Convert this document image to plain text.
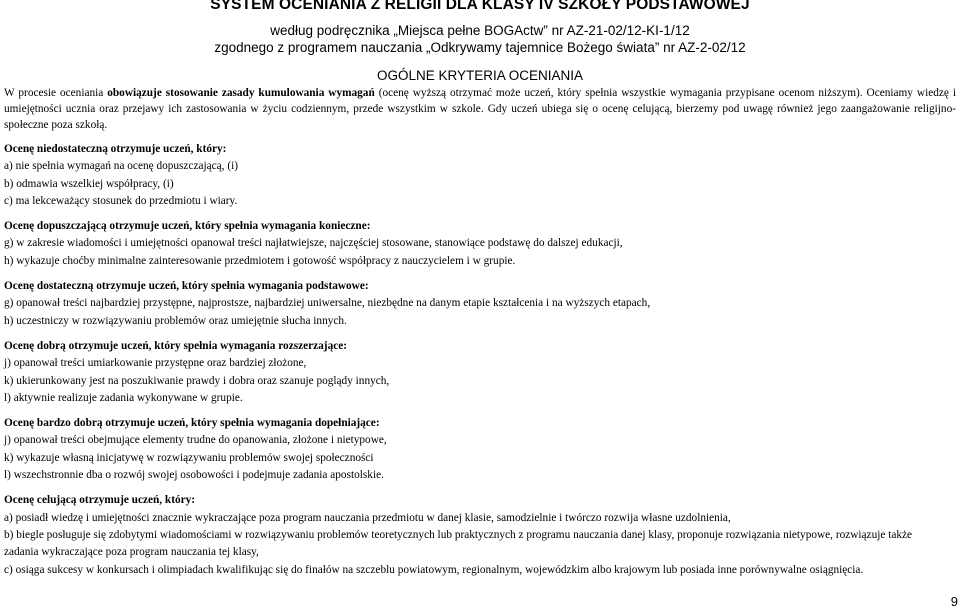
SYSTEM OCENIANIA Z RELIGII DLA KLASY IV SZKOŁY PODSTAWOWEJ
według podręcznika „Miejsca pełne BOGActw” nr AZ-21-02/12-KI-1/12
zgodnego z programem nauczania „Odkrywamy tajemnice Bożego świata” nr AZ-2-02/12
OGÓLNE KRYTERIA OCENIANIA
W procesie oceniania obowiązuje stosowanie zasady kumulowania wymagań (ocenę wyższą otrzymać może uczeń, który spełnia wszystkie wymagania przypisane ocenom niższym). Oceniamy wiedzę i umiejętności ucznia oraz przejawy ich zastosowania w życiu codziennym, przede wszystkim w szkole. Gdy uczeń ubiega się o ocenę celującą, bierzemy pod uwagę również jego zaangażowanie religijno-społeczne poza szkołą.
Ocenę niedostateczną otrzymuje uczeń, który:
a) nie spełnia wymagań na ocenę dopuszczającą, (i)
b) odmawia wszelkiej współpracy, (i)
c) ma lekceważący stosunek do przedmiotu i wiary.
Ocenę dopuszczającą otrzymuje uczeń, który spełnia wymagania konieczne:
g) w zakresie wiadomości i umiejętności opanował treści najłatwiejsze, najczęściej stosowane, stanowiące podstawę do dalszej edukacji,
h) wykazuje choćby minimalne zainteresowanie przedmiotem i gotowość współpracy z nauczycielem i w grupie.
Ocenę dostateczną otrzymuje uczeń, który spełnia wymagania podstawowe:
g) opanował treści najbardziej przystępne, najprostsze, najbardziej uniwersalne, niezbędne na danym etapie kształcenia i na wyższych etapach,
h) uczestniczy w rozwiązywaniu problemów oraz umiejętnie słucha innych.
Ocenę dobrą otrzymuje uczeń, który spełnia wymagania rozszerzające:
j) opanował treści umiarkowanie przystępne oraz bardziej złożone,
k) ukierunkowany jest na poszukiwanie prawdy i dobra oraz szanuje poglądy innych,
l) aktywnie realizuje zadania wykonywane w grupie.
Ocenę bardzo dobrą otrzymuje uczeń, który spełnia wymagania dopełniające:
j) opanował treści obejmujące elementy trudne do opanowania, złożone i nietypowe,
k) wykazuje własną inicjatywę w rozwiązywaniu problemów swojej społeczności
l) wszechstronnie dba o rozwój swojej osobowości i podejmuje zadania apostolskie.
Ocenę celującą otrzymuje uczeń, który:
a) posiadł wiedzę i umiejętności znacznie wykraczające poza program nauczania przedmiotu w danej klasie, samodzielnie i twórczo rozwija własne uzdolnienia,
b) biegle posługuje się zdobytymi wiadomościami w rozwiązywaniu problemów teoretycznych lub praktycznych z programu nauczania danej klasy, proponuje rozwiązania nietypowe, rozwiązuje także zadania wykraczające poza program nauczania tej klasy,
c) osiąga sukcesy w konkursach i olimpiadach kwalifikując się do finałów na szczeblu powiatowym, regionalnym, wojewódzkim albo krajowym lub posiada inne porównywalne osiągnięcia.
9
